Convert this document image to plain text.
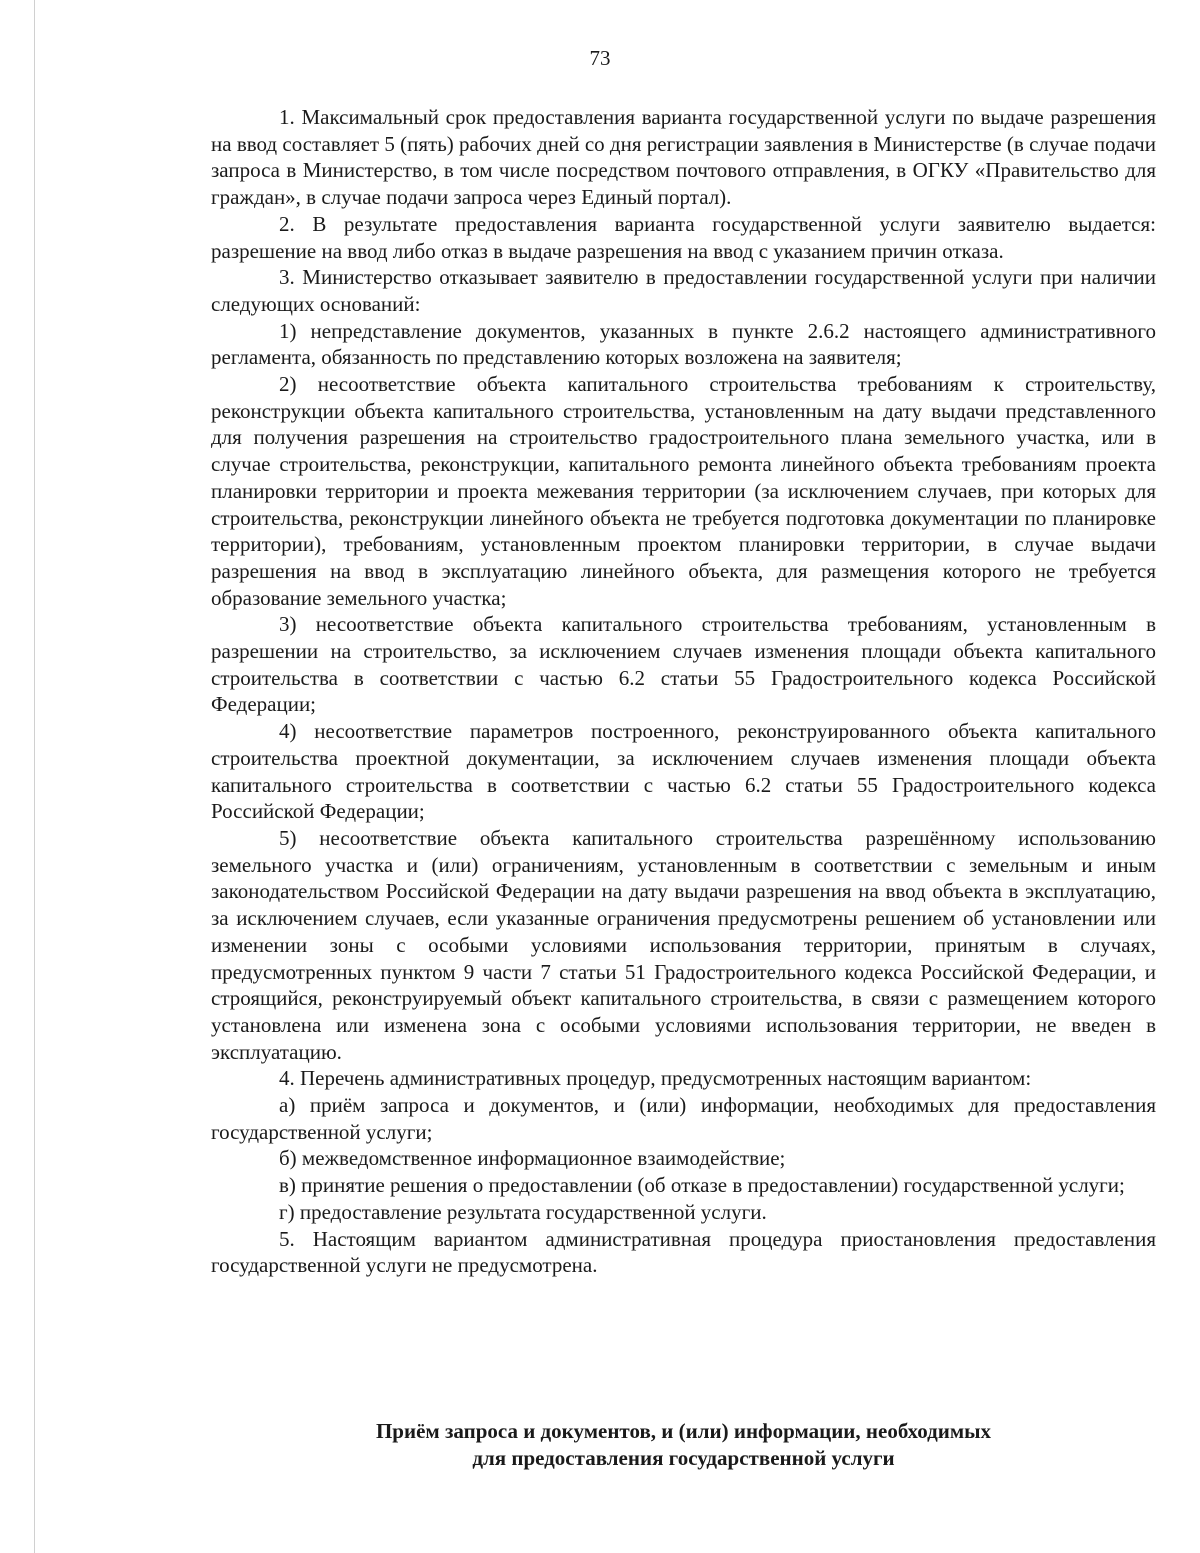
73

1. Максимальный срок предоставления варианта государственной услуги по выдаче разрешения на ввод составляет 5 (пять) рабочих дней со дня регистрации заявления в Министерстве (в случае подачи запроса в Министерство, в том числе посредством почтового отправления, в ОГКУ «Правительство для граждан», в случае подачи запроса через Единый портал).

2. В результате предоставления варианта государственной услуги заявителю выдается: разрешение на ввод либо отказ в выдаче разрешения на ввод с указанием причин отказа.

3. Министерство отказывает заявителю в предоставлении государственной услуги при наличии следующих оснований:

1) непредставление документов, указанных в пункте 2.6.2 настоящего административного регламента, обязанность по представлению которых возложена на заявителя;

2) несоответствие объекта капитального строительства требованиям к строительству, реконструкции объекта капитального строительства, установленным на дату выдачи представленного для получения разрешения на строительство градостроительного плана земельного участка, или в случае строительства, реконструкции, капитального ремонта линейного объекта требованиям проекта планировки территории и проекта межевания территории (за исключением случаев, при которых для строительства, реконструкции линейного объекта не требуется подготовка документации по планировке территории), требованиям, установленным проектом планировки территории, в случае выдачи разрешения на ввод в эксплуатацию линейного объекта, для размещения которого не требуется образование земельного участка;

3) несоответствие объекта капитального строительства требованиям, установленным в разрешении на строительство, за исключением случаев изменения площади объекта капитального строительства в соответствии с частью 6.2 статьи 55 Градостроительного кодекса Российской Федерации;

4) несоответствие параметров построенного, реконструированного объекта капитального строительства проектной документации, за исключением случаев изменения площади объекта капитального строительства в соответствии с частью 6.2 статьи 55 Градостроительного кодекса Российской Федерации;

5) несоответствие объекта капитального строительства разрешённому использованию земельного участка и (или) ограничениям, установленным в соответствии с земельным и иным законодательством Российской Федерации на дату выдачи разрешения на ввод объекта в эксплуатацию, за исключением случаев, если указанные ограничения предусмотрены решением об установлении или изменении зоны с особыми условиями использования территории, принятым в случаях, предусмотренных пунктом 9 части 7 статьи 51 Градостроительного кодекса Российской Федерации, и строящийся, реконструируемый объект капитального строительства, в связи с размещением которого установлена или изменена зона с особыми условиями использования территории, не введен в эксплуатацию.

4. Перечень административных процедур, предусмотренных настоящим вариантом:

а) приём запроса и документов, и (или) информации, необходимых для предоставления государственной услуги;

б) межведомственное информационное взаимодействие;

в) принятие решения о предоставлении (об отказе в предоставлении) государственной услуги;

г) предоставление результата государственной услуги.

5. Настоящим вариантом административная процедура приостановления предоставления государственной услуги не предусмотрена.

Приём запроса и документов, и (или) информации, необходимых
для предоставления государственной услуги
